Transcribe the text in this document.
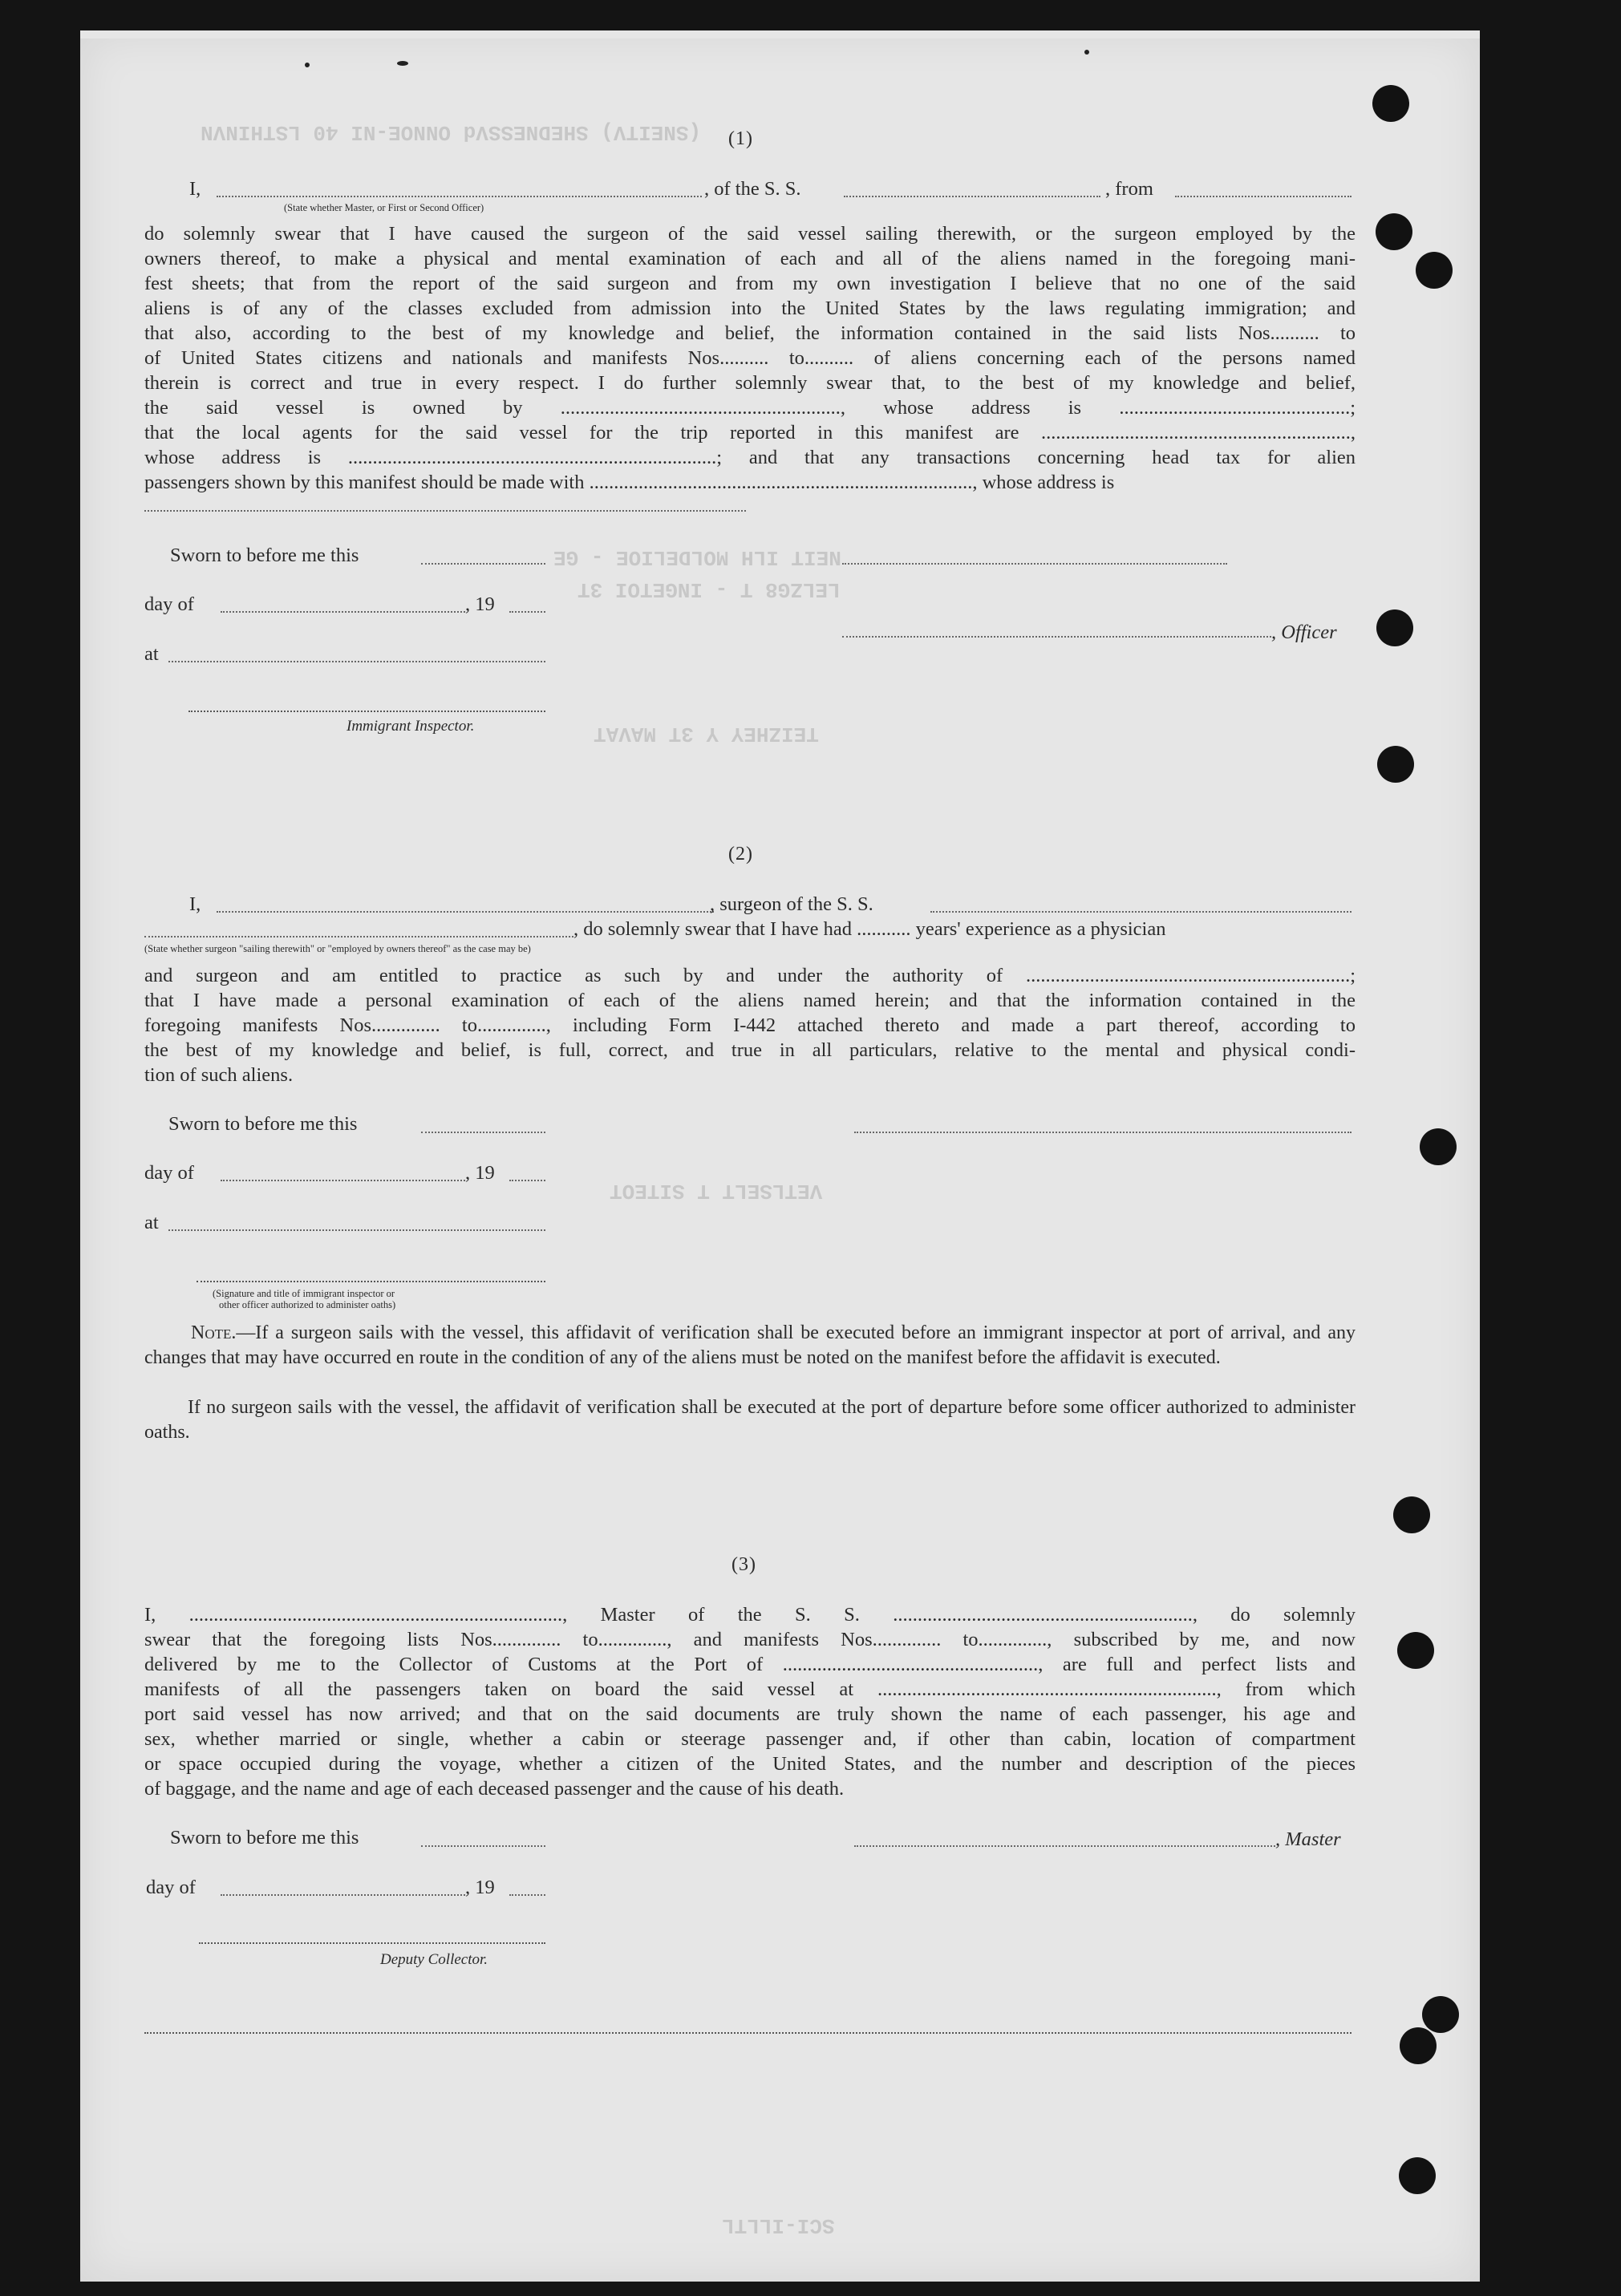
(SNEITV) SHEDNESSVd ONNOE-NI 40 LSTHINVN
NEIT ILH MOLDELIOE - GE
LELZG8 T - INGETOI 3T
TEIZHEY Y 3T MAVAT
VETLSELT T SITEOT
SCI-ILLTL
(1)
I,	, of the S. S.	, from
(State whether Master, or First or Second Officer)
do solemnly swear that I have caused the surgeon of the said vessel sailing therewith, or the surgeon employed by the
owners thereof, to make a physical and mental examination of each and all of the aliens named in the foregoing mani-
fest sheets; that from the report of the said surgeon and from my own investigation I believe that no one of the said
aliens is of any of the classes excluded from admission into the United States by the laws regulating immigration; and
that also, according to the best of my knowledge and belief, the information contained in the said lists Nos.......... to
of United States citizens and nationals and manifests Nos.......... to.......... of aliens concerning each of the persons named
therein is correct and true in every respect. I do further solemnly swear that, to the best of my knowledge and belief,
the said vessel is owned by ........................................................., whose address is ...............................................;
that the local agents for the said vessel for the trip reported in this manifest are ...............................................................,
whose address is ...........................................................................; and that any transactions concerning head tax for alien
passengers shown by this manifest should be made with .............................................................................., whose address is
Sworn to before me this
day of	, 19
, Officer
at
Immigrant Inspector.
(2)
I,	, surgeon of the S. S.
, do solemnly swear that I have had ........... years' experience as a physician
(State whether surgeon "sailing therewith" or "employed by owners thereof" as the case may be)
and surgeon and am entitled to practice as such by and under the authority of ..................................................................;
that I have made a personal examination of each of the aliens named herein; and that the information contained in the
foregoing manifests Nos.............. to.............., including Form I-442 attached thereto and made a part thereof, according to
the best of my knowledge and belief, is full, correct, and true in all particulars, relative to the mental and physical condi-
tion of such aliens.
Sworn to before me this
day of	, 19
at
(Signature and title of immigrant inspector or
other officer authorized to administer oaths)
Note.—If a surgeon sails with the vessel, this affidavit of verification shall be executed before an immigrant inspector at port of arrival, and any changes that may have occurred en route in the condition of any of the aliens must be noted on the manifest before the affidavit is executed.
If no surgeon sails with the vessel, the affidavit of verification shall be executed at the port of departure before some officer authorized to administer oaths.
(3)
I, ............................................................................, Master of the S. S. ............................................................., do solemnly
swear that the foregoing lists Nos.............. to.............., and manifests Nos.............. to.............., subscribed by me, and now
delivered by me to the Collector of Customs at the Port of ...................................................., are full and perfect lists and
manifests of all the passengers taken on board the said vessel at ....................................................................., from which
port said vessel has now arrived; and that on the said documents are truly shown the name of each passenger, his age and
sex, whether married or single, whether a cabin or steerage passenger and, if other than cabin, location of compartment
or space occupied during the voyage, whether a citizen of the United States, and the number and description of the pieces
of baggage, and the name and age of each deceased passenger and the cause of his death.
Sworn to before me this	, Master
day of	, 19
Deputy Collector.
